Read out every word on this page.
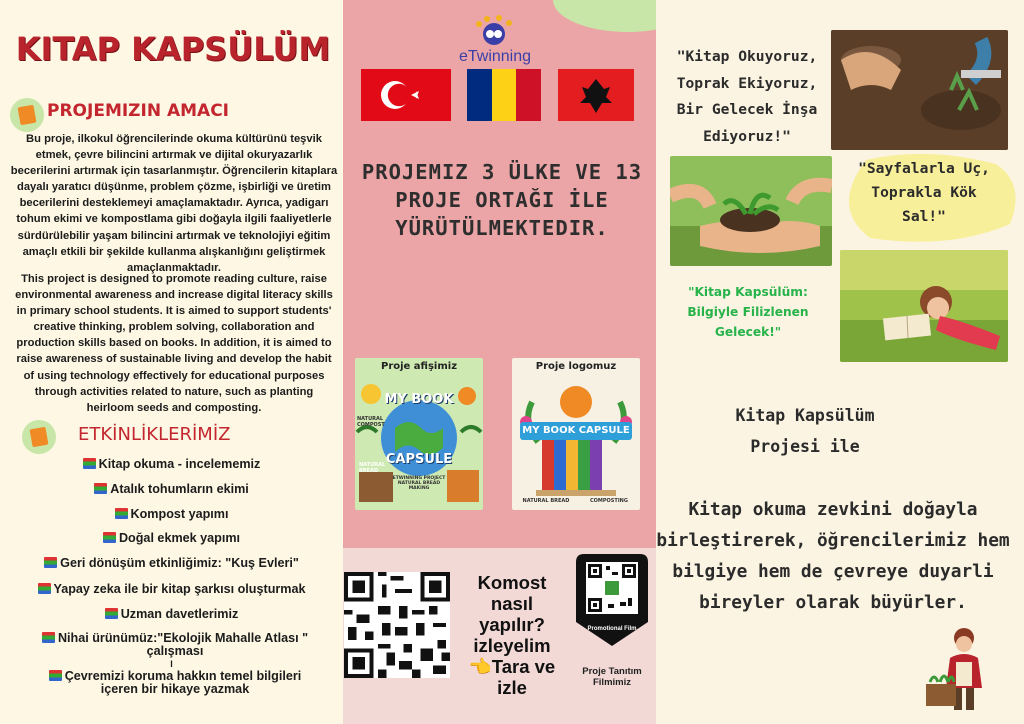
KITAP KAPSÜLÜM
PROJEMIZIN AMACI
Bu proje, ilkokul öğrencilerinde okuma kültürünü teşvik etmek, çevre bilincini artırmak ve dijital okuryazarlık becerilerini artırmak için tasarlanmıştır. Öğrencilerin kitaplara dayalı yaratıcı düşünme, problem çözme, işbirliği ve üretim becerilerini desteklemeyi amaçlamaktadır. Ayrıca, yadigarı tohum ekimi ve kompostlama gibi doğayla ilgili faaliyetlerle sürdürülebilir yaşam bilincini artırmak ve teknolojiyi eğitim amaçlı etkili bir şekilde kullanma alışkanlığını geliştirmek amaçlanmaktadır.
This project is designed to promote reading culture, raise environmental awareness and increase digital literacy skills in primary school students. It is aimed to support students' creative thinking, problem solving, collaboration and production skills based on books. In addition, it is aimed to raise awareness of sustainable living and develop the habit of using technology effectively for educational purposes through activities related to nature, such as planting heirloom seeds and composting.
ETKİNLİKLERİMİZ
Kitap okuma - incelememiz
Atalık tohumların ekimi
Kompost yapımı
Doğal ekmek yapımı
Geri dönüşüm etkinliğimiz: "Kuş Evleri"
Yapay zeka ile bir kitap şarkısı oluşturmak
Uzman davetlerimiz
Nihai ürünümüz:"Ekolojik Mahalle Atlası " çalışması
I
Çevremizi koruma hakkın temel bilgileri içeren bir hikaye yazmak
eTwinning
PROJEMIZ 3 ÜLKE VE 13 PROJE ORTAĞI İLE YÜRÜTÜLMEKTEDIR.
Proje afişimiz
MY BOOK
CAPSULE
NATURAL COMPOST
NATURAL BREAD
ETWINNING PROJECT NATURAL BREAD MAKING
Proje logomuz
MY BOOK CAPSULE
NATURAL BREAD	COMPOSTING
Komost
nasıl
yapılır?
izleyelim
👈Tara ve
izle
Promotional Film
Proje Tanıtım
Filmimiz
"Kitap Okuyoruz,
Toprak Ekiyoruz,
Bir Gelecek İnşa
Ediyoruz!"
"Sayfalarla Uç,
Toprakla Kök
Sal!"
"Kitap Kapsülüm:
Bilgiyle Filizlenen
Gelecek!"
Kitap Kapsülüm
Projesi ile
Kitap okuma zevkini doğayla
birleştirerek, öğrencilerimiz hem
bilgiye hem de çevreye duyarli
bireyler olarak büyürler.
